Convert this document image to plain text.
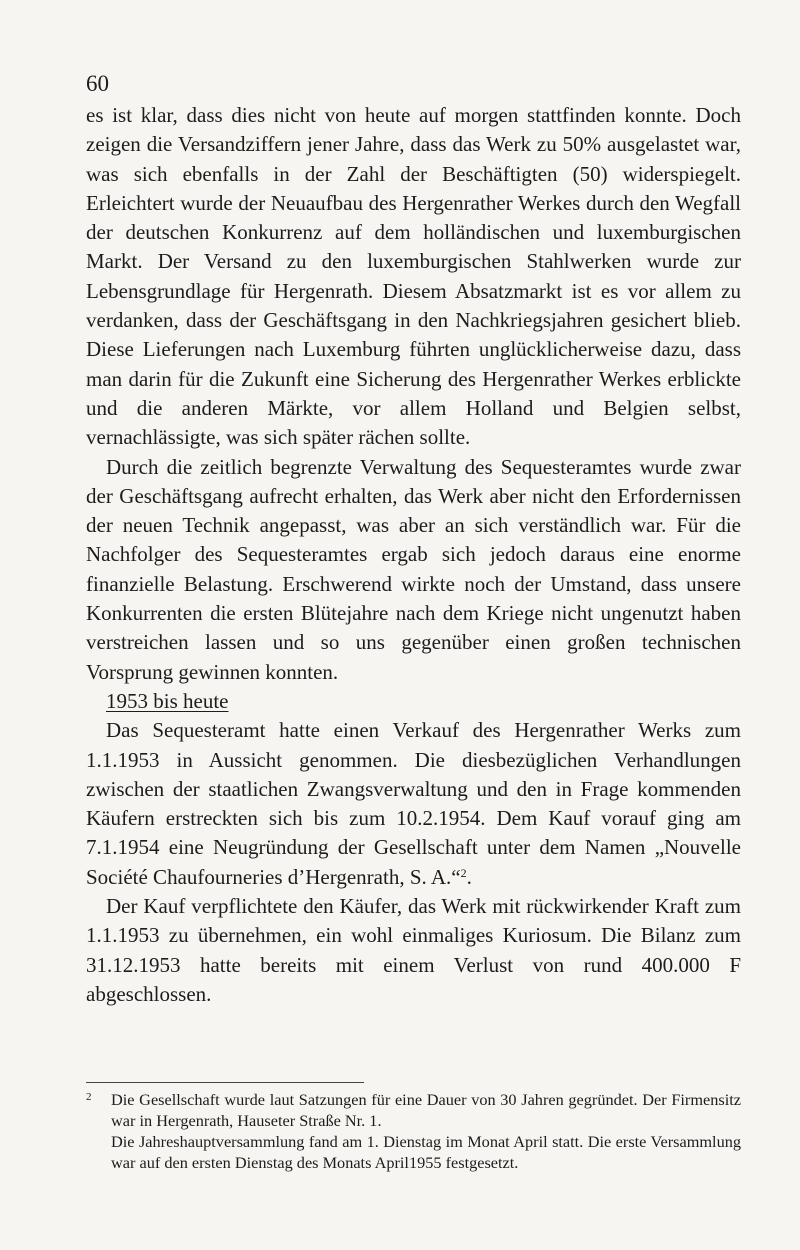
60

es ist klar, dass dies nicht von heute auf morgen stattfinden konnte. Doch zeigen die Versandziffern jener Jahre, dass das Werk zu 50% ausgelastet war, was sich ebenfalls in der Zahl der Beschäftigten (50) widerspiegelt. Erleichtert wurde der Neuaufbau des Hergenrather Werkes durch den Wegfall der deutschen Konkurrenz auf dem holländischen und luxemburgischen Markt. Der Versand zu den luxemburgischen Stahlwerken wurde zur Lebensgrundlage für Hergenrath. Diesem Absatzmarkt ist es vor allem zu verdanken, dass der Geschäftsgang in den Nachkriegsjahren gesichert blieb. Diese Lieferungen nach Luxemburg führten unglücklicherweise dazu, dass man darin für die Zukunft eine Sicherung des Hergenrather Werkes erblickte und die anderen Märkte, vor allem Holland und Belgien selbst, vernachlässigte, was sich später rächen sollte.

Durch die zeitlich begrenzte Verwaltung des Sequesteramtes wurde zwar der Geschäftsgang aufrecht erhalten, das Werk aber nicht den Erfordernissen der neuen Technik angepasst, was aber an sich verständlich war. Für die Nachfolger des Sequesteramtes ergab sich jedoch daraus eine enorme finanzielle Belastung. Erschwerend wirkte noch der Umstand, dass unsere Konkurrenten die ersten Blütejahre nach dem Kriege nicht ungenutzt haben verstreichen lassen und so uns gegenüber einen großen technischen Vorsprung gewinnen konnten.

1953 bis heute

Das Sequesteramt hatte einen Verkauf des Hergenrather Werks zum 1.1.1953 in Aussicht genommen. Die diesbezüglichen Verhandlungen zwischen der staatlichen Zwangsverwaltung und den in Frage kommenden Käufern erstreckten sich bis zum 10.2.1954. Dem Kauf vorauf ging am 7.1.1954 eine Neugründung der Gesellschaft unter dem Namen „Nouvelle Société Chaufourneries d’Hergenrath, S. A.“$^2$.

Der Kauf verpflichtete den Käufer, das Werk mit rückwirkender Kraft zum 1.1.1953 zu übernehmen, ein wohl einmaliges Kuriosum. Die Bilanz zum 31.12.1953 hatte bereits mit einem Verlust von rund 400.000 F abgeschlossen.

2 Die Gesellschaft wurde laut Satzungen für eine Dauer von 30 Jahren gegründet. Der Firmensitz war in Hergenrath, Hauseter Straße Nr. 1.

Die Jahreshauptversammlung fand am 1. Dienstag im Monat April statt. Die erste Versammlung war auf den ersten Dienstag des Monats April1955 festgesetzt.
